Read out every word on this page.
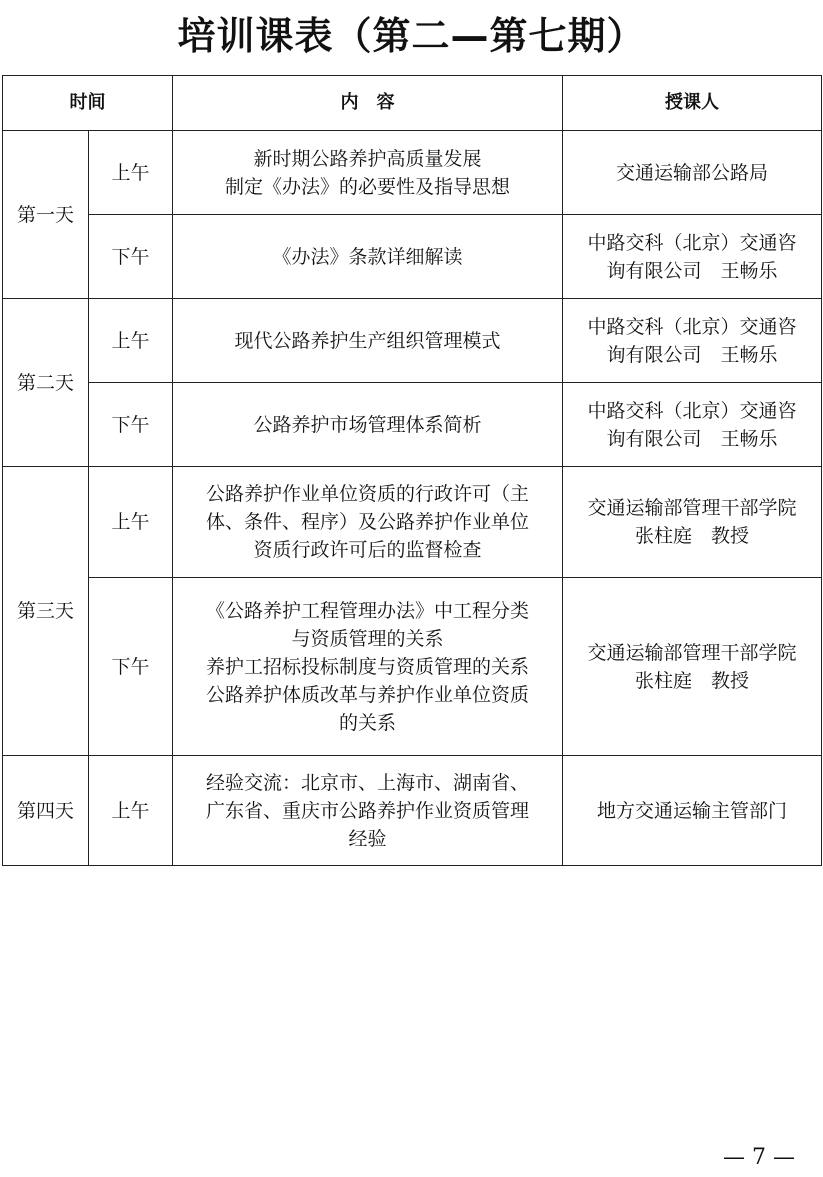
培训课表（第二—第七期）
时间		内　容	授课人
第一天	上午	新时期公路养护高质量发展
制定《办法》的必要性及指导思想	交通运输部公路局

	下午	《办法》条款详细解读	中路交科（北京）交通咨
询有限公司　王畅乐

第二天	上午	现代公路养护生产组织管理模式	中路交科（北京）交通咨
询有限公司　王畅乐

	下午	公路养护市场管理体系简析	中路交科（北京）交通咨
询有限公司　王畅乐

第三天	上午	公路养护作业单位资质的行政许可（主
体、条件、程序）及公路养护作业单位
资质行政许可后的监督检查	交通运输部管理干部学院
张柱庭　教授

	下午	《公路养护工程管理办法》中工程分类
与资质管理的关系
养护工招标投标制度与资质管理的关系
公路养护体质改革与养护作业单位资质
的关系	交通运输部管理干部学院
张柱庭　教授

第四天	上午	经验交流：北京市、上海市、湖南省、
广东省、重庆市公路养护作业资质管理
经验	地方交通运输主管部门
— 7 —
